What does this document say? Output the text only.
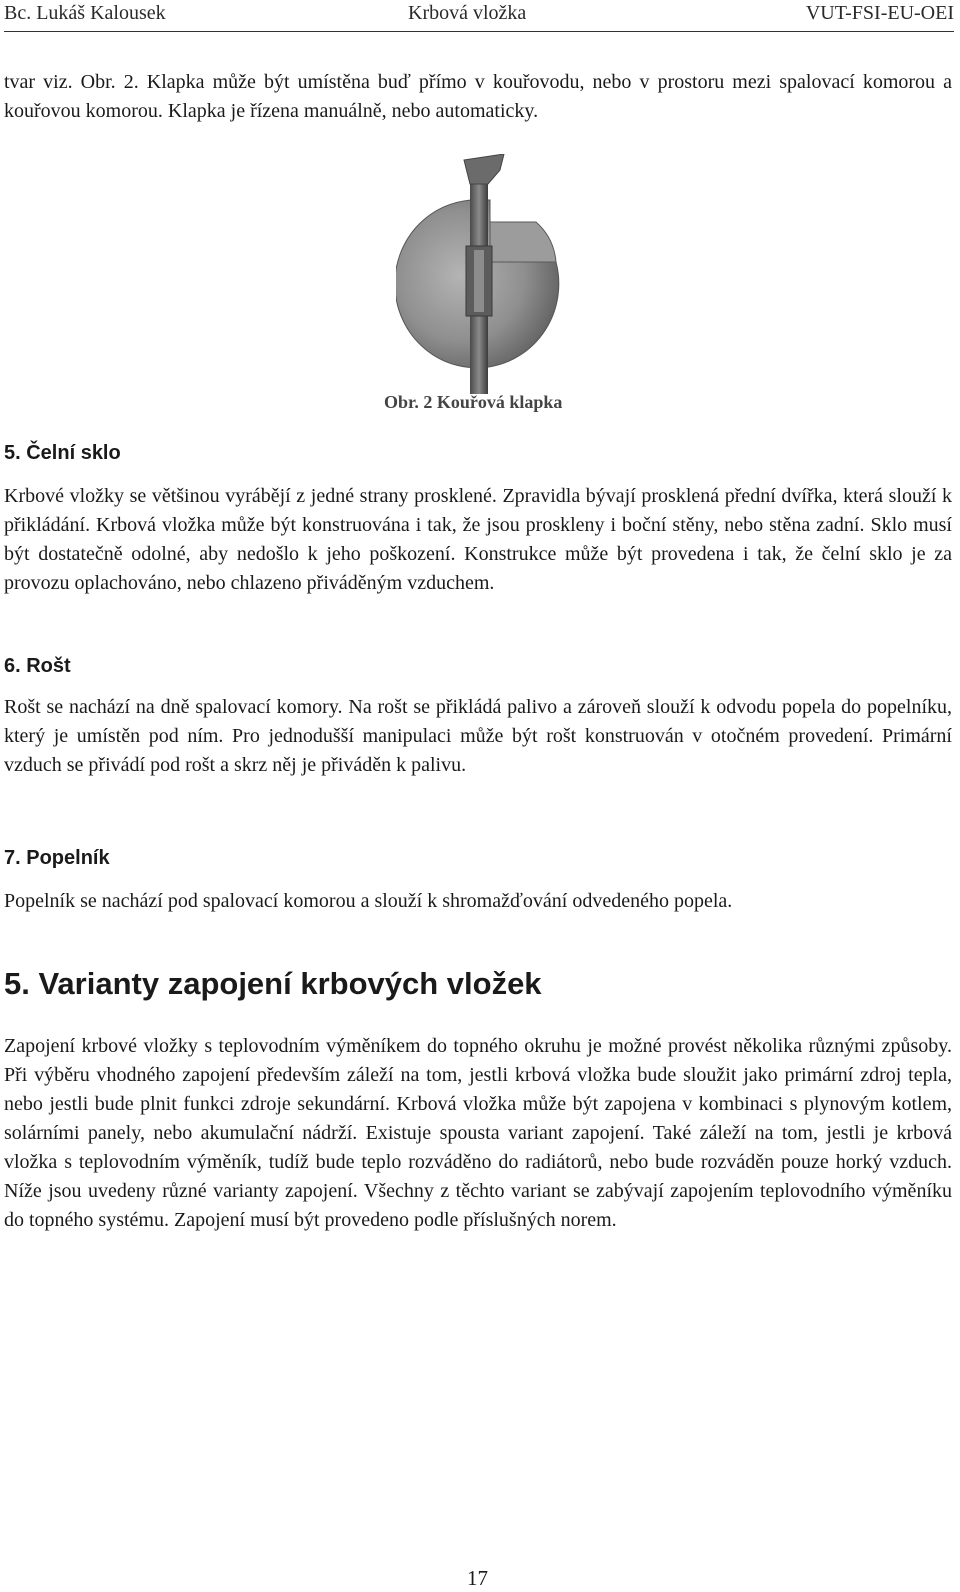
Bc. Lukáš Kalousek	Krbová vložka	VUT-FSI-EU-OEI

tvar viz. Obr. 2. Klapka může být umístěna buď přímo v kouřovodu, nebo v prostoru mezi spalovací komorou a kouřovou komorou. Klapka je řízena manuálně, nebo automaticky.

Obr. 2 Kouřová klapka
5. Čelní sklo

Krbové vložky se většinou vyrábějí z jedné strany prosklené. Zpravidla bývají prosklená přední dvířka, která slouží k přikládání. Krbová vložka může být konstruována i tak, že jsou proskleny i boční stěny, nebo stěna zadní. Sklo musí být dostatečně odolné, aby nedošlo k jeho poškození. Konstrukce může být provedena i tak, že čelní sklo je za provozu oplachováno, nebo chlazeno přiváděným vzduchem.

6. Rošt

Rošt se nachází na dně spalovací komory. Na rošt se přikládá palivo a zároveň slouží k odvodu popela do popelníku, který je umístěn pod ním. Pro jednodušší manipulaci může být rošt konstruován v otočném provedení. Primární vzduch se přivádí pod rošt a skrz něj je přiváděn k palivu.

7. Popelník

Popelník se nachází pod spalovací komorou a slouží k shromažďování odvedeného popela.

5. Varianty zapojení krbových vložek

Zapojení krbové vložky s teplovodním výměníkem do topného okruhu je možné provést několika různými způsoby. Při výběru vhodného zapojení především záleží na tom, jestli krbová vložka bude sloužit jako primární zdroj tepla, nebo jestli bude plnit funkci zdroje sekundární. Krbová vložka může být zapojena v kombinaci s plynovým kotlem, solárními panely, nebo akumulační nádrží. Existuje spousta variant zapojení. Také záleží na tom, jestli je krbová vložka s teplovodním výměník, tudíž bude teplo rozváděno do radiátorů, nebo bude rozváděn pouze horký vzduch. Níže jsou uvedeny různé varianty zapojení. Všechny z těchto variant se zabývají zapojením teplovodního výměníku do topného systému. Zapojení musí být provedeno podle příslušných norem.

17
